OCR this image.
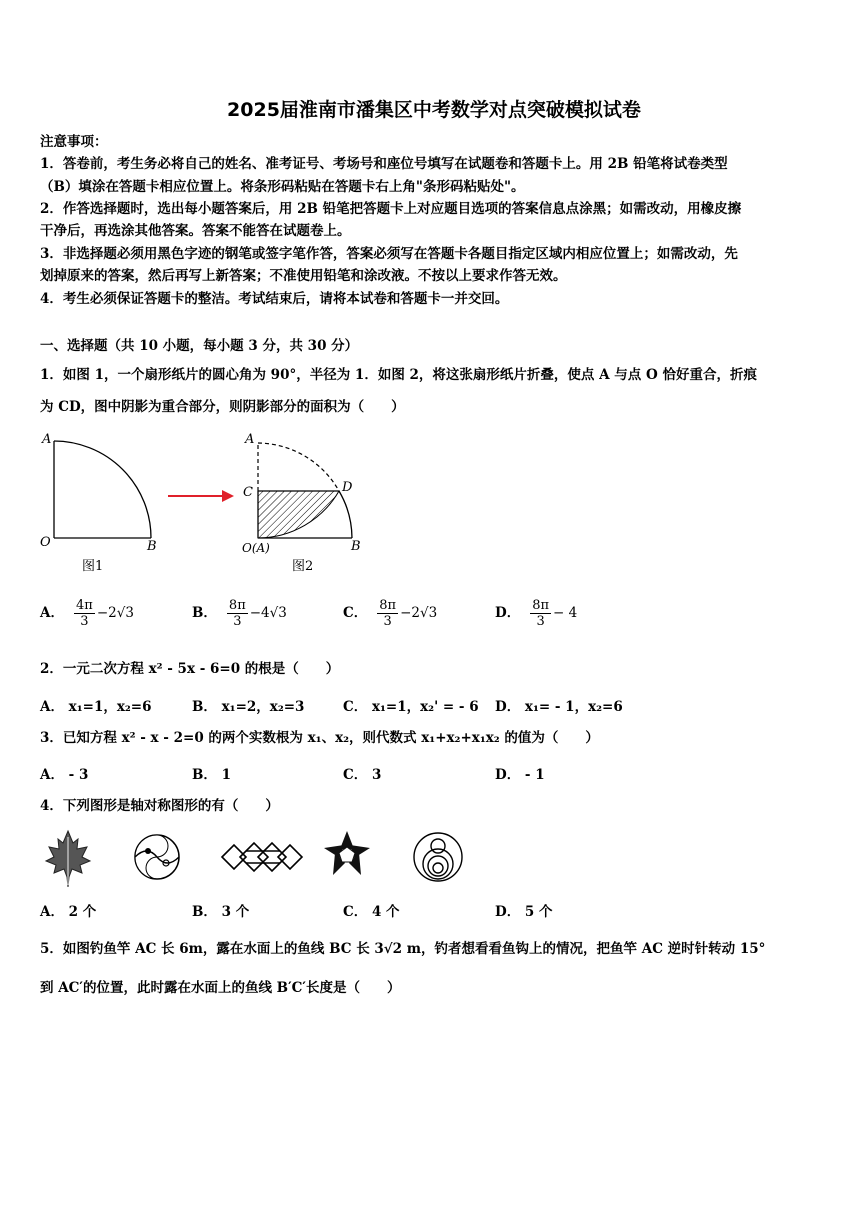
2025届淮南市潘集区中考数学对点突破模拟试卷
注意事项：
1．答卷前，考生务必将自己的姓名、准考证号、考场号和座位号填写在试题卷和答题卡上。用 2B 铅笔将试卷类型
（B）填涂在答题卡相应位置上。将条形码粘贴在答题卡右上角"条形码粘贴处"。
2．作答选择题时，选出每小题答案后，用 2B 铅笔把答题卡上对应题目选项的答案信息点涂黑；如需改动，用橡皮擦
干净后，再选涂其他答案。答案不能答在试题卷上。
3．非选择题必须用黑色字迹的钢笔或签字笔作答，答案必须写在答题卡各题目指定区域内相应位置上；如需改动，先
划掉原来的答案，然后再写上新答案；不准使用铅笔和涂改液。不按以上要求作答无效。
4．考生必须保证答题卡的整洁。考试结束后，请将本试卷和答题卡一并交回。
一、选择题（共 10 小题，每小题 3 分，共 30 分）
1．如图 1，一个扇形纸片的圆心角为 90°，半径为 1．如图 2，将这张扇形纸片折叠，使点 A 与点 O 恰好重合，折痕
为 CD，图中阴影为重合部分，则阴影部分的面积为（　　）
A
O	B
图1
A
C	D
O(A)	B
图2
A． $\frac{4\pi}{3} -2√3$	B． $\frac{8\pi}{3} -4√3$	C． $\frac{8\pi}{3} -2√3$	D． $\frac{8\pi}{3} - 4$
2．一元二次方程 x² - 5x - 6=0 的根是（　　）
A． x₁=1，x₂=6	B． x₁=2，x₂=3	C． x₁=1，x₂' = - 6 D． x₁= - 1，x₂=6
3．已知方程 x² - x - 2=0 的两个实数根为 x₁、x₂，则代数式 x₁+x₂+x₁x₂ 的值为（　　）
A． - 3	B． 1	C． 3	D． - 1
4．下列图形是轴对称图形的有（　　）
A． 2 个	B． 3 个	C． 4 个	D． 5 个
5．如图钓鱼竿 AC 长 6m，露在水面上的鱼线 BC 长 3√2 m，钓者想看看鱼钩上的情况，把鱼竿 AC 逆时针转动 15°
到 AC′的位置，此时露在水面上的鱼线 B′C′长度是（　　）
